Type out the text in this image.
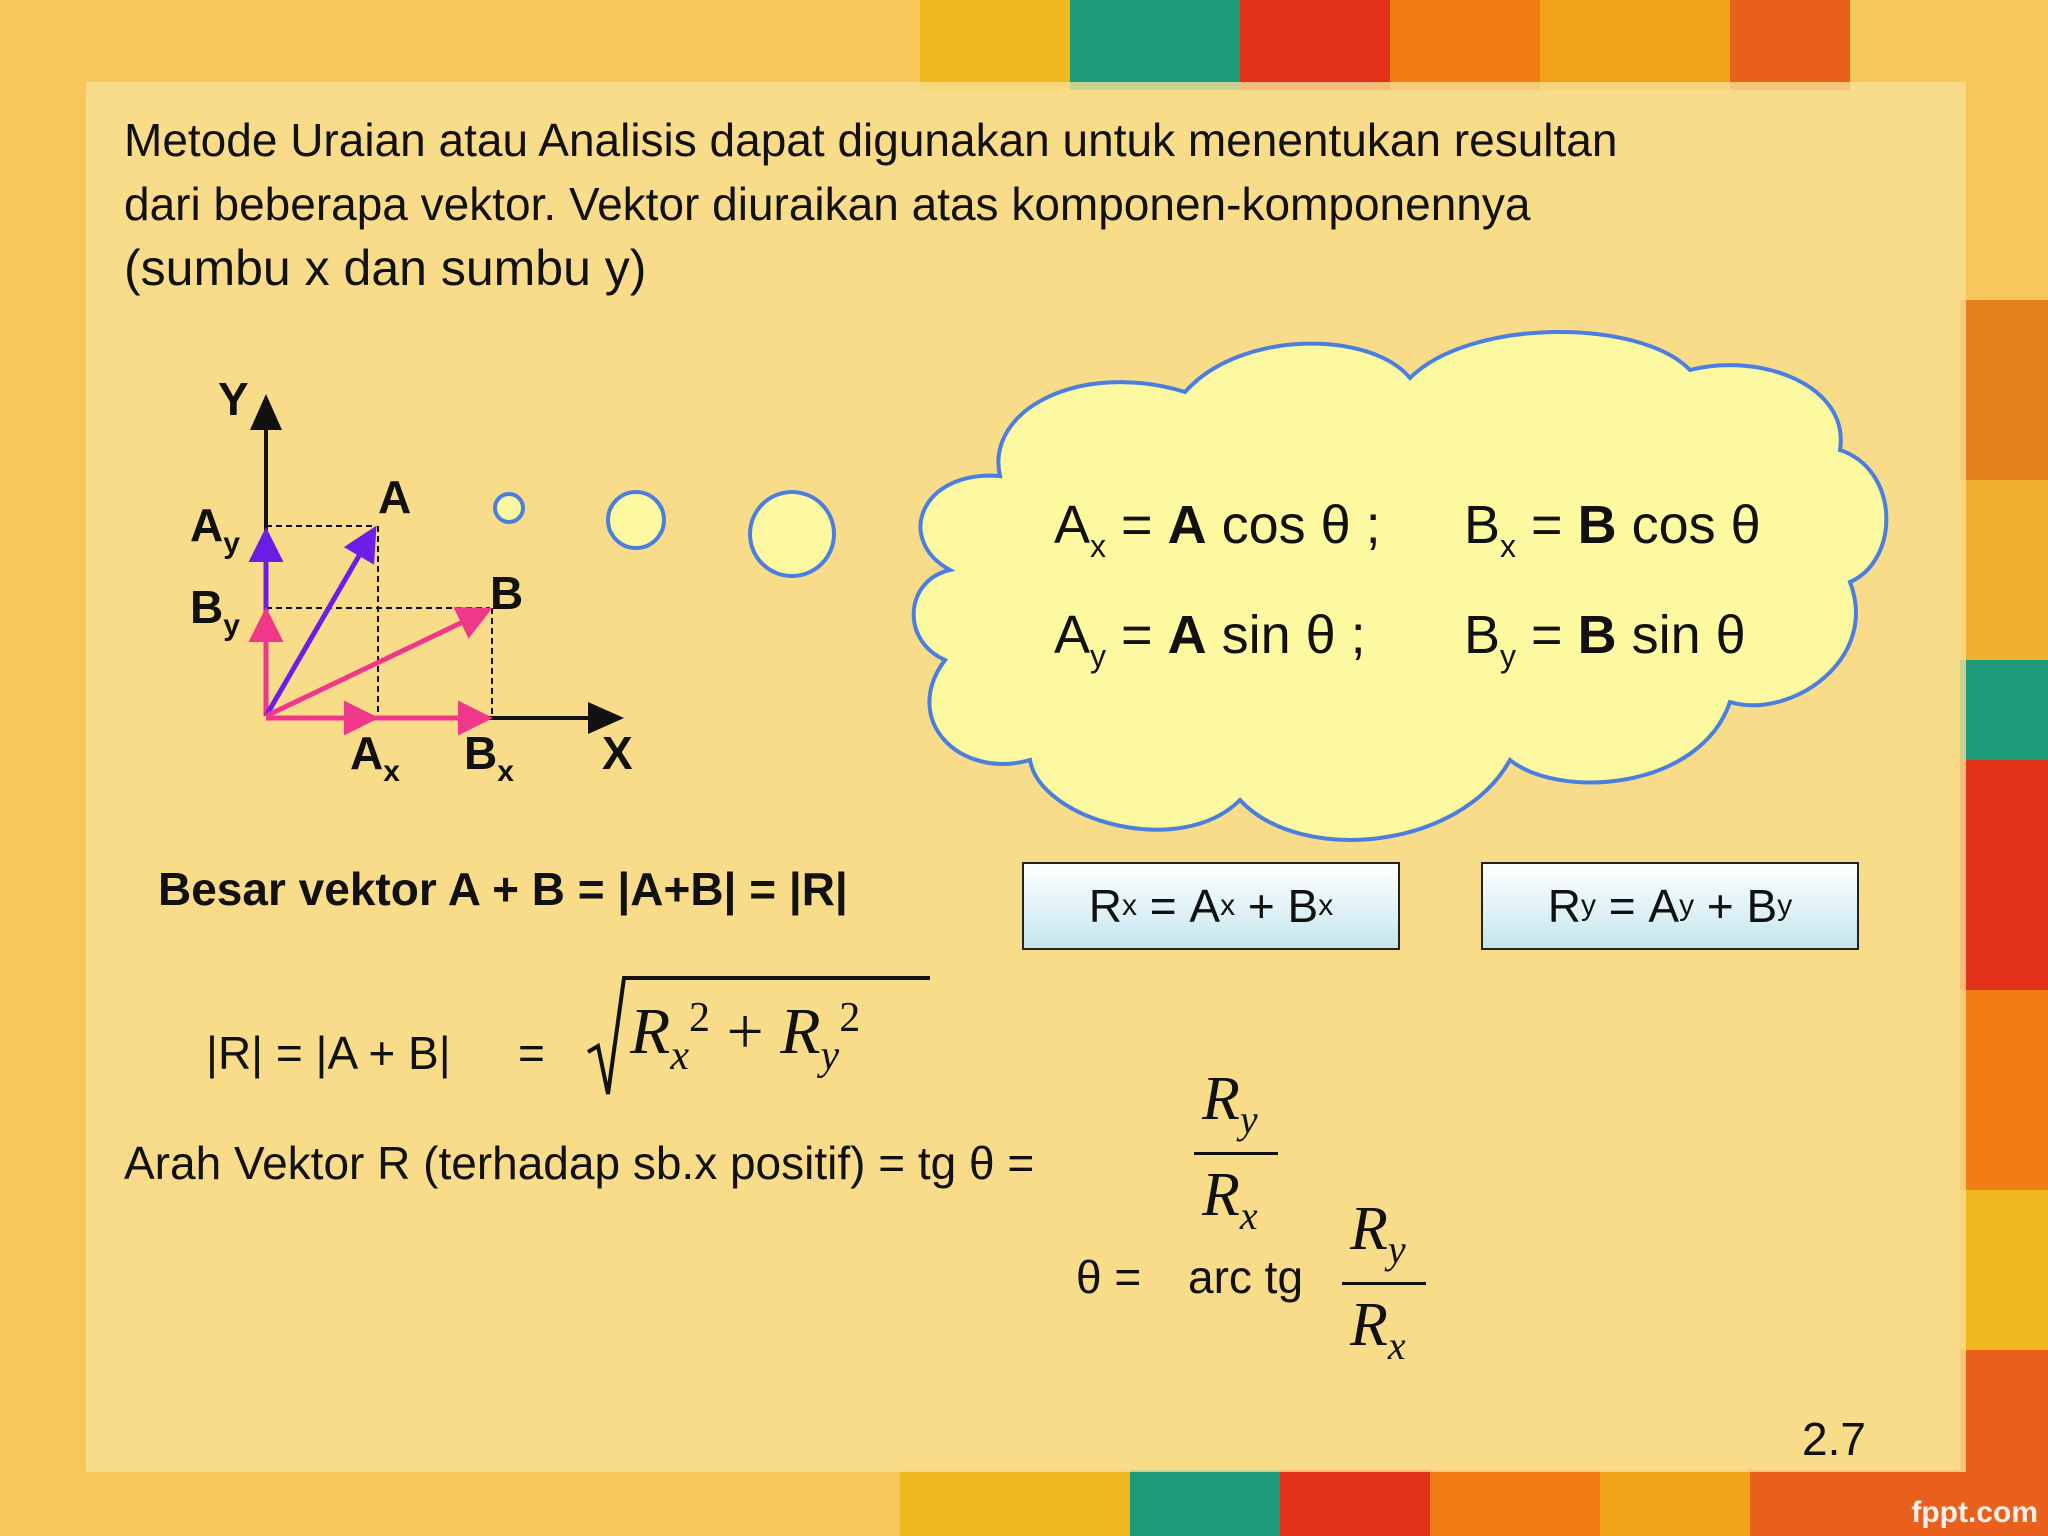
Metode Uraian atau Analisis dapat digunakan untuk menentukan resultan
dari beberapa vektor. Vektor diuraikan atas komponen-komponennya
(sumbu x dan sumbu y)
Y
A
B
$A_y$
$B_y$
$A_x$ $B_x$ X
$A_x = A$ cos θ ; $B_x = B$ cos θ
$A_y = A$ sin θ ; $B_y = B$ sin θ
Besar vektor A + B = |A+B| = |R|	R x = A x + B x	R y = A y + B y
$|R| = |A + B| = R_x^2 + R_y^2$
Arah Vektor R (terhadap sb.x positif) = tg θ =
$R_y$
$R_x$
θ = arc tg
$R_y$
$R_x$
2.7
fppt.com
